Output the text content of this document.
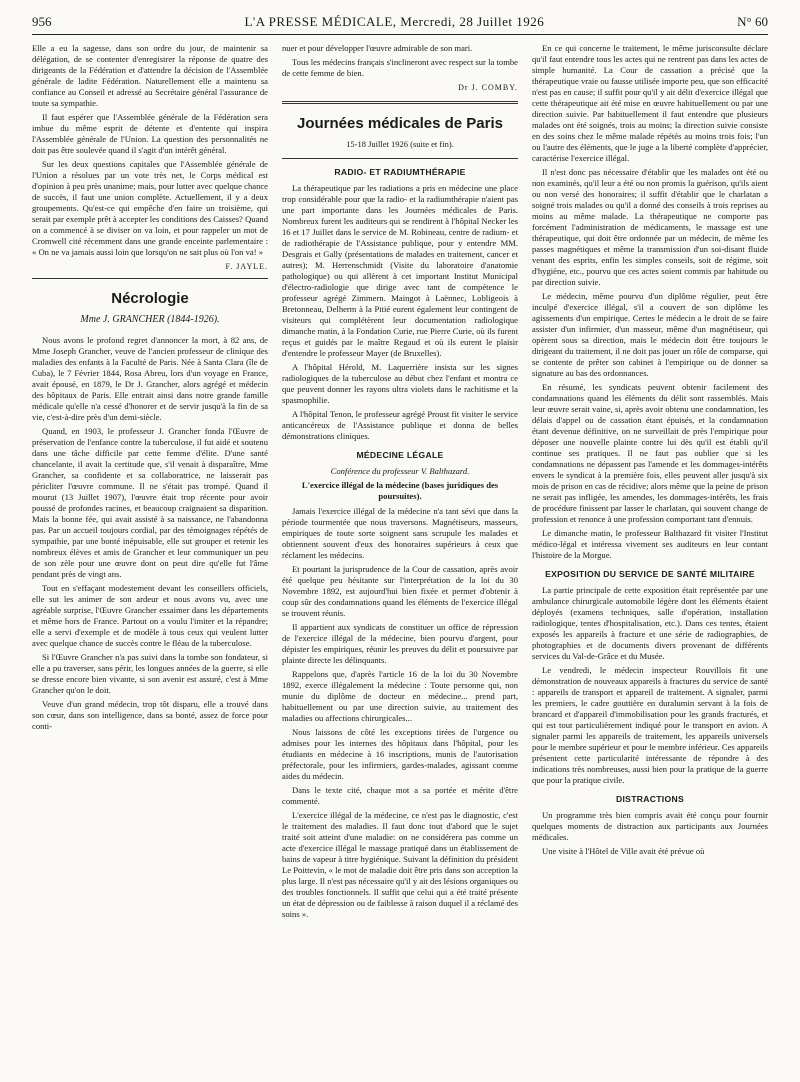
956	L'A PRESSE MÉDICALE, Mercredi, 28 Juillet 1926	N° 60

Elle a eu la sagesse, dans son ordre du jour, de maintenir sa délégation, de se contenter d'enregistrer la réponse de quatre des dirigeants de la Fédération et d'attendre la décision de l'Assemblée générale de ladite Fédération. Naturellement elle a maintenu sa confiance au Conseil et adressé au Secrétaire général l'assurance de toute sa sympathie.

Il faut espérer que l'Assemblée générale de la Fédération sera imbue du même esprit de détente et d'entente qui inspira l'Assemblée générale de l'Union. La question des personnalités ne doit pas être soulevée quand il s'agit d'un intérêt général.

Sur les deux questions capitales que l'Assemblée générale de l'Union a résolues par un vote très net, le Corps médical est d'opinion à peu près unanime; mais, pour lutter avec quelque chance de succès, il faut une union complète. Actuellement, il y a deux groupements. Qu'est-ce qui empêche d'en faire un troisième, qui serait par exemple prêt à accepter les conditions des Caisses? Quand on a commencé à se diviser on va loin, et pour rappeler un mot de Cromwell cité récemment dans une grande enceinte parlementaire : « On ne va jamais aussi loin que lorsqu'on ne sait plus où l'on va! »

F. JAYLE.
Nécrologie
Mme J. GRANCHER (1844-1926).

Nous avons le profond regret d'annoncer la mort, à 82 ans, de Mme Joseph Grancher, veuve de l'ancien professeur de clinique des maladies des enfants à la Faculté de Paris. Née à Santa Clara (île de Cuba), le 7 Février 1844, Rosa Abreu, lors d'un voyage en France, avait épousé, en 1879, le Dr J. Grancher, alors agrégé et médecin des hôpitaux de Paris. Elle entrait ainsi dans notre grande famille médicale qu'elle n'a cessé d'honorer et de servir jusqu'à la fin de sa vie, c'est-à-dire près d'un demi-siècle.

Quand, en 1903, le professeur J. Grancher fonda l'Œuvre de préservation de l'enfance contre la tuberculose, il fut aidé et soutenu dans une tâche difficile par cette femme d'élite. D'une santé chancelante, il avait la certitude que, s'il venait à disparaître, Mme Grancher, sa confidente et sa collaboratrice, ne laisserait pas péricliter l'œuvre commune. Il ne s'était pas trompé. Quand il mourut (13 Juillet 1907), l'œuvre était trop récente pour avoir poussé de profondes racines, et beaucoup craignaient sa disparition. Mais la bonne fée, qui avait assisté à sa naissance, ne l'abandonna pas. Par un accueil toujours cordial, par des témoignages répétés de sympathie, par une bonté inépuisable, elle sut grouper et retenir les nombreux élèves et amis de Grancher et leur communiquer un peu de son zèle pour une œuvre dont on peut dire qu'elle fut l'âme pendant près de vingt ans.

Tout en s'effaçant modestement devant les conseillers officiels, elle sut les animer de son ardeur et nous avons vu, avec une agréable surprise, l'Œuvre Grancher essaimer dans les départements et même hors de France. Partout on a voulu l'imiter et la répandre; elle a servi d'exemple et de modèle à tous ceux qui veulent lutter avec quelque chance de succès contre le fléau de la tuberculose.

Si l'Œuvre Grancher n'a pas suivi dans la tombe son fondateur, si elle a pu traverser, sans périr, les longues années de la guerre, si elle se dresse encore bien vivante, si son avenir est assuré, c'est à Mme Grancher qu'on le doit.

Veuve d'un grand médecin, trop tôt disparu, elle a trouvé dans son cœur, dans son intelligence, dans sa bonté, assez de force pour conti-

nuer et pour développer l'œuvre admirable de son mari.

Tous les médecins français s'inclineront avec respect sur la tombe de cette femme de bien.

Dr J. COMBY.
Journées médicales de Paris
15-18 Juillet 1926 (suite et fin).
RADIO- ET RADIUMTHÉRAPIE

La thérapeutique par les radiations a pris en médecine une place trop considérable pour que la radio- et la radiumthérapie n'aient pas une part importante dans les Journées médicales de Paris. Nombreux furent les auditeurs qui se rendirent à l'hôpital Necker les 16 et 17 Juillet dans le service de M. Robineau, centre de radium- et de radiothérapie de l'Assistance publique, pour y entendre MM. Desgrais et Gally (présentations de malades en traitement, cancer et autres); M. Herrenschmidt (Visite du laboratoire d'anatomie pathologique) ou qui allèrent à cet important Institut Municipal d'électro-radiologie que dirige avec tant de compétence le professeur agrégé Zimmern. Maingot à Laënnec, Lobligeois à Bretonneau, Delherm à la Pitié eurent également leur contingent de visiteurs qui complétèrent leur documentation radiologique dimanche matin, à la Fondation Curie, rue Pierre Curie, où ils furent reçus et guidés par le maître Regaud et où ils eurent le plaisir d'entendre le professeur Mayer (de Bruxelles).

A l'hôpital Hérold, M. Laquerrière insista sur les signes radiologiques de la tuberculose au début chez l'enfant et montra ce que peuvent donner les rayons ultra violets dans le rachitisme et la spasmophilie.

A l'hôpital Tenon, le professeur agrégé Proust fit visiter le service anticancéreux de l'Assistance publique et donna de belles démonstrations cliniques.

MÉDECINE LÉGALE
Conférence du professeur V. Balthazard.
L'exercice illégal de la médecine (bases juridiques des poursuites).

Jamais l'exercice illégal de la médecine n'a tant sévi que dans la période tourmentée que nous traversons. Magnétiseurs, masseurs, empiriques de toute sorte soignent sans scrupule les malades et obtiennent souvent d'eux des honoraires supérieurs à ceux que réclament les médecins.

Et pourtant la jurisprudence de la Cour de cassation, après avoir été quelque peu hésitante sur l'interprétation de la loi du 30 Novembre 1892, est aujourd'hui bien fixée et permet d'obtenir à coup sûr des condamnations quand les éléments de l'exercice illégal se trouvent réunis.

Il appartient aux syndicats de constituer un office de répression de l'exercice illégal de la médecine, bien pourvu d'argent, pour dépister les empiriques, réunir les preuves du délit et poursuivre par plainte directe les délinquants.

Rappelons que, d'après l'article 16 de la loi du 30 Novembre 1892, exerce illégalement la médecine : Toute personne qui, non munie du diplôme de docteur en médecine... prend part, habituellement ou par une direction suivie, au traitement des maladies ou affections chirurgicales...

Nous laissons de côté les exceptions tirées de l'urgence ou admises pour les internes des hôpitaux dans l'hôpital, pour les étudiants en médecine à 16 inscriptions, munis de l'autorisation préfectorale, pour les infirmiers, gardes-malades, agissant comme aides du médecin.

Dans le texte cité, chaque mot a sa portée et mérite d'être commenté.

L'exercice illégal de la médecine, ce n'est pas le diagnostic, c'est le traitement des maladies. Il faut donc tout d'abord que le sujet traité soit atteint d'une maladie: on ne considérera pas comme un acte d'exercice illégal le massage pratiqué dans un établissement de bains de vapeur à titre hygiénique. Suivant la définition du président Le Poittevin, « le mot de maladie doit être pris dans son acception la plus large. Il n'est pas nécessaire qu'il y ait des lésions organiques ou des troubles fonctionnels. Il suffit que celui qui a été traité présente un état de dépression ou de faiblesse à raison duquel il a réclamé des soins ».

En ce qui concerne le traitement, le même jurisconsulte déclare qu'il faut entendre tous les actes qui ne rentrent pas dans les actes de simple humanité. La Cour de cassation a précisé que la thérapeutique vraie ou fausse utilisée importe peu, que son efficacité n'est pas en cause; il suffit pour qu'il y ait délit d'exercice illégal que cette thérapeutique ait été mise en œuvre habituellement ou par une direction suivie. Par habituellement il faut entendre que plusieurs malades ont été soignés, trois au moins; la direction suivie consiste en des soins chez le même malade répétés au moins trois fois; l'un ou l'autre des éléments, que le juge a la liberté complète d'apprécier, caractérise l'exercice illégal.

Il n'est donc pas nécessaire d'établir que les malades ont été ou non examinés, qu'il leur a été ou non promis la guérison, qu'ils aient ou non versé des honoraires; il suffit d'établir que le charlatan a soigné trois malades ou qu'il a donné des conseils à trois reprises au moins au même malade. La thérapeutique ne comporte pas forcément l'administration de médicaments, le massage est une thérapeutique, qui doit être ordonnée par un médecin, de même les passes magnétiques et même la transmission d'un soi-disant fluide venant des esprits, enfin les simples conseils, soit de régime, soit d'hygiène, etc., pourvu que ces actes soient commis par habitude ou par direction suivie.

Le médecin, même pourvu d'un diplôme régulier, peut être inculpé d'exercice illégal, s'il a couvert de son diplôme les agissements d'un empirique. Certes le médecin a le droit de se faire assister d'un infirmier, d'un masseur, même d'un magnétiseur, qui opèrent sous sa direction, mais le médecin doit être toujours le dirigeant du traitement, il ne doit pas jouer un rôle de comparse, qui se contente de prêter son cabinet à l'empirique ou de donner sa signature au bas des ordonnances.

En résumé, les syndicats peuvent obtenir facilement des condamnations quand les éléments du délit sont rassemblés. Mais leur œuvre serait vaine, si, après avoir obtenu une condamnation, les délais d'appel ou de cassation étant épuisés, et la condamnation étant devenue définitive, on ne surveillait de près l'empirique pour déposer une nouvelle plainte contre lui dès qu'il est établi qu'il continue ses pratiques. Il ne faut pas oublier que si les condamnations ne dépassent pas l'amende et les dommages-intérêts envers le syndicat à la première fois, elles peuvent aller jusqu'à six mois de prison en cas de récidive; alors même que la peine de prison ne serait pas infligée, les amendes, les dommages-intérêts, les frais de procédure finissent par lasser le charlatan, qui souvent change de profession et renonce à une profession comportant tant d'ennuis.

Le dimanche matin, le professeur Balthazard fit visiter l'Institut médico-légal et intéressa vivement ses auditeurs en leur contant l'histoire de la Morgue.

EXPOSITION DU SERVICE DE SANTÉ MILITAIRE

La partie principale de cette exposition était représentée par une ambulance chirurgicale automobile légère dont les éléments étaient déployés (examens techniques, salle d'opération, installation radiologique, tentes d'hospitalisation, etc.). Dans ces tentes, étaient exposés les appareils à fracture et une série de radiographies, de photographies et de documents divers provenant de différents services du Val-de-Grâce et du Musée.

Le vendredi, le médecin inspecteur Rouvillois fit une démonstration de nouveaux appareils à fractures du service de santé : appareils de transport et appareil de traitement. A signaler, parmi les premiers, le cadre gouttière en duralumin servant à la fois de brancard et d'appareil d'immobilisation pour les grands fracturés, et qui est tout particulièrement indiqué pour le transport en avion. A signaler parmi les appareils de traitement, les appareils universels pour le membre supérieur et pour le membre inférieur. Ces appareils présentent cette particularité intéressante de répondre à des indications très nombreuses, aussi bien pour la pratique de la guerre que pour la pratique civile.

DISTRACTIONS

Un programme très bien compris avait été conçu pour fournir quelques moments de distraction aux participants aux Journées médicales.

Une visite à l'Hôtel de Ville avait été prévue où
